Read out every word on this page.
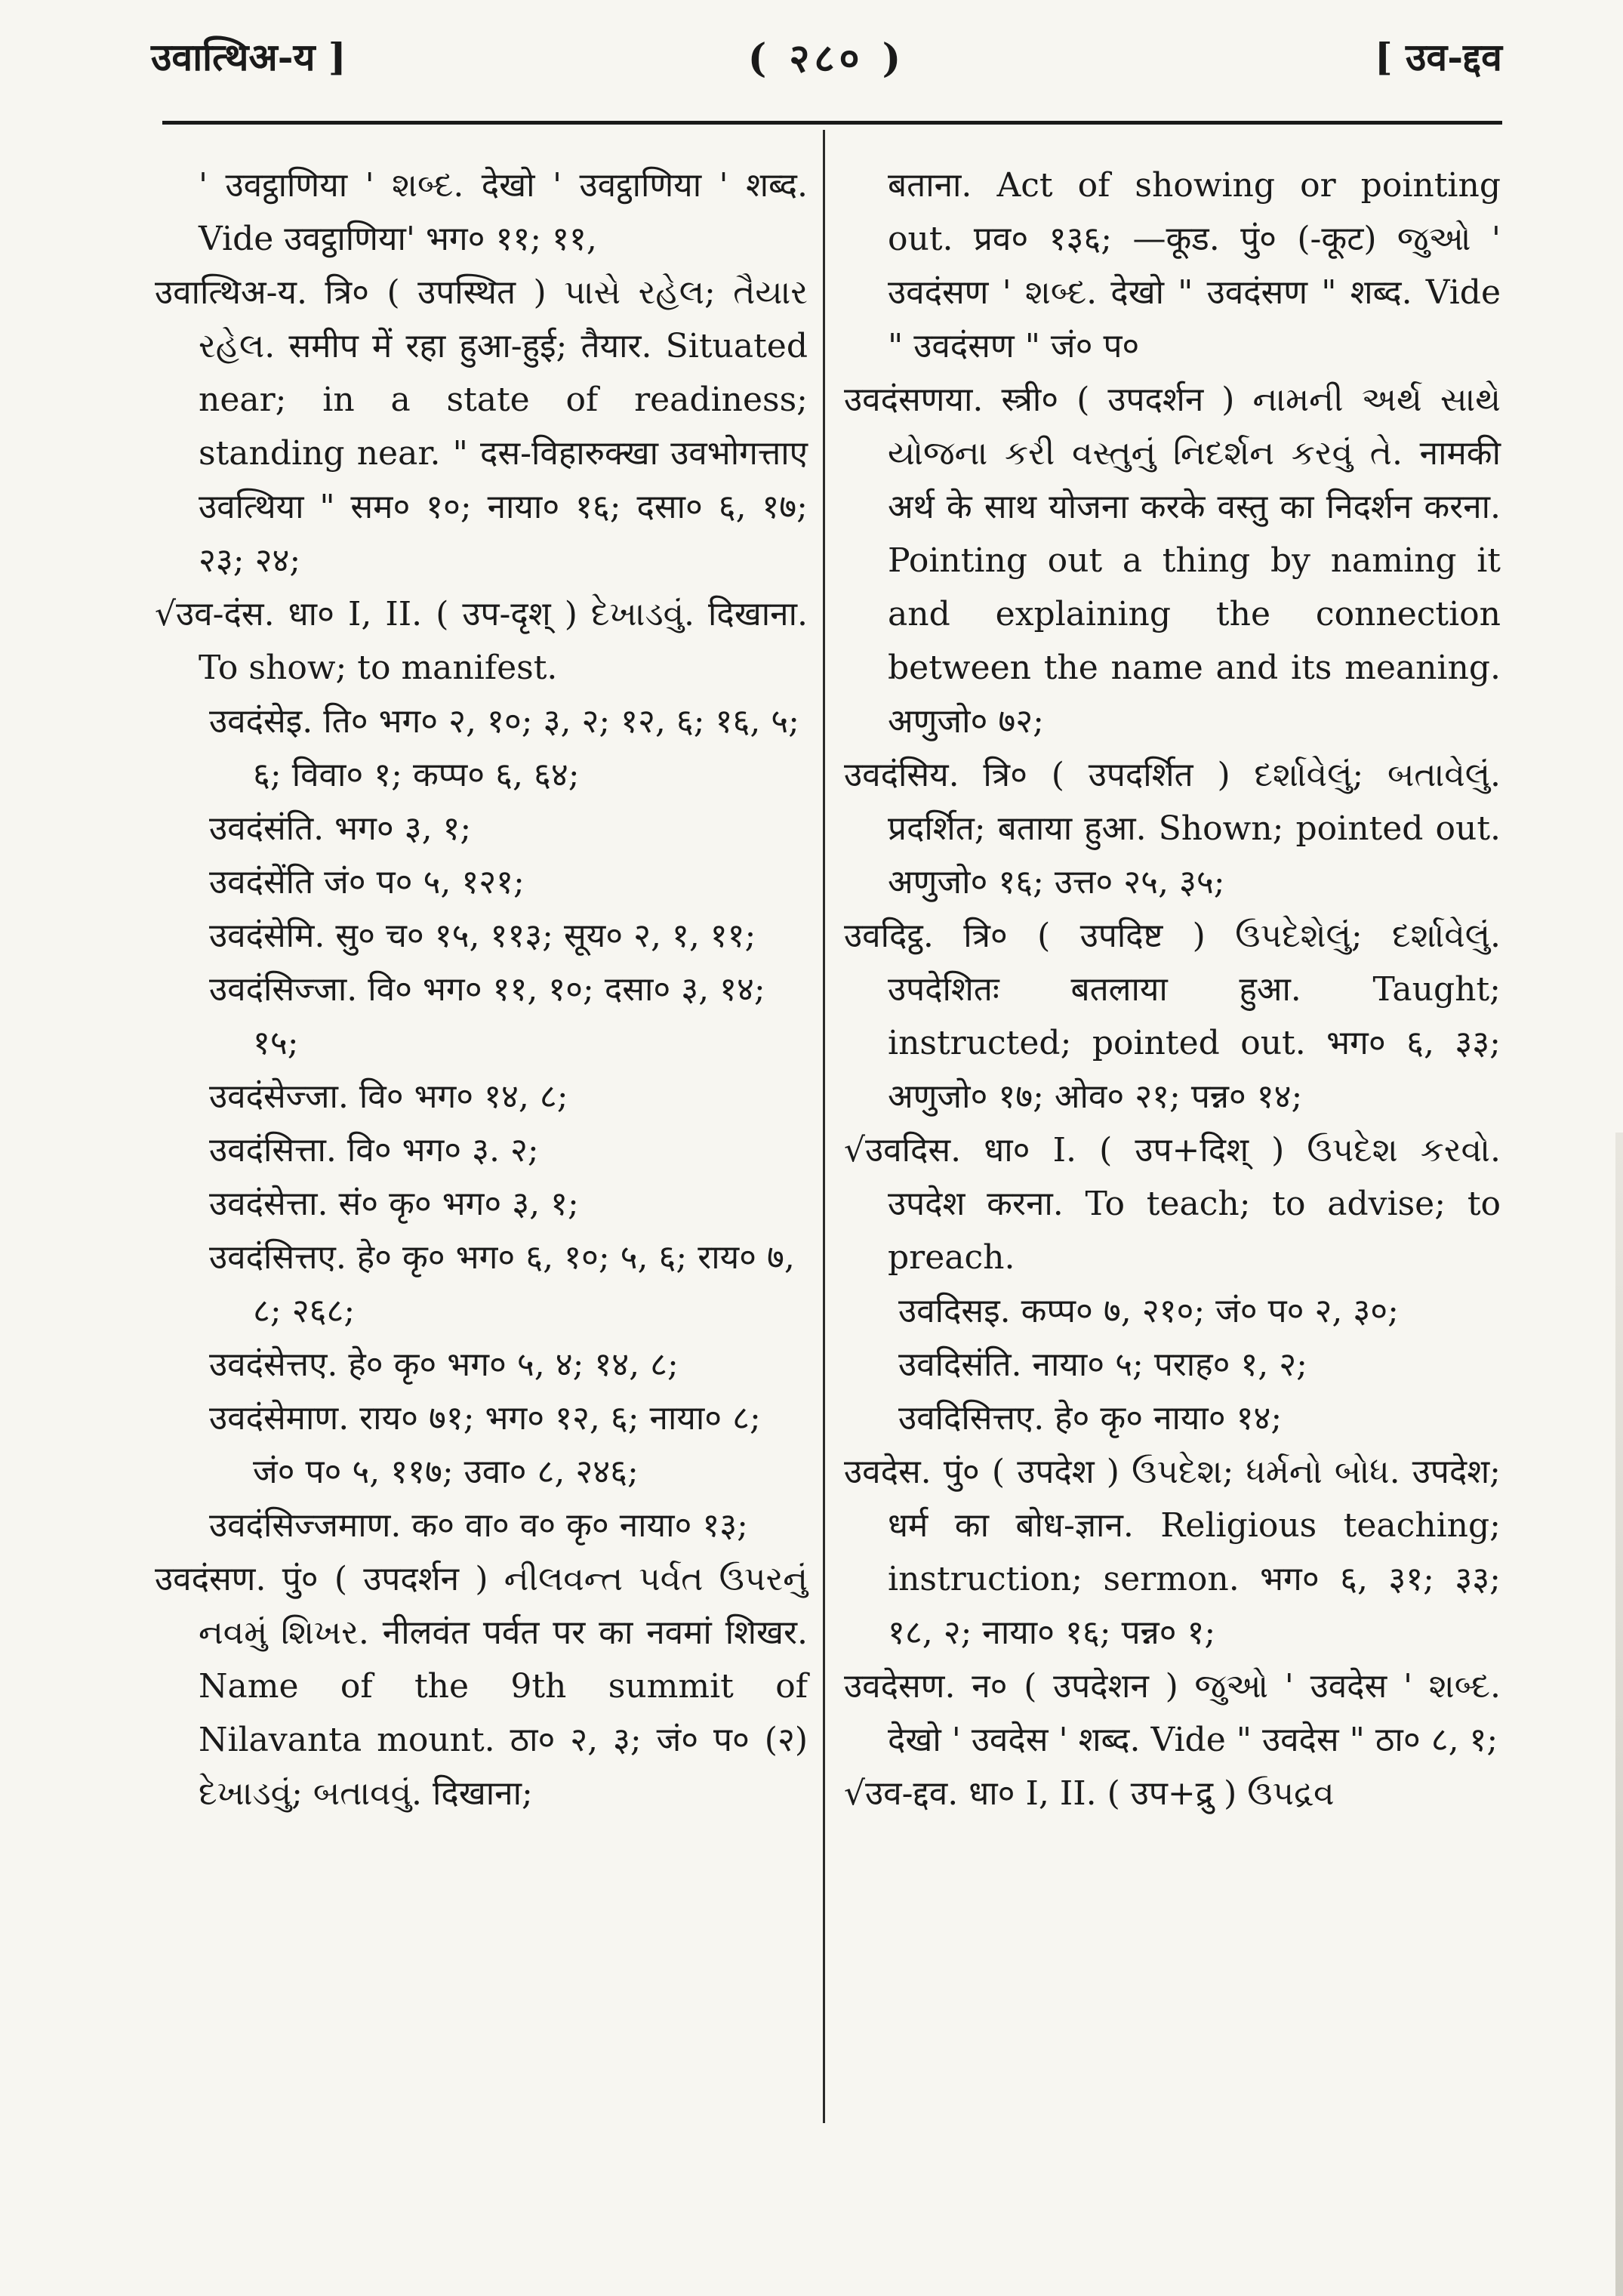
उवात्थिअ-य ]	( २८० )	[ उव-द्दव

' उवट्ठाणिया ' શબ્દ. देखो ' उवट्ठाणिया ' शब्द. Vide उवट्ठाणिया' भग० ११; ११,

उवात्थिअ-य. त्रि० ( उपस्थित ) પાસે રહેલ; તૈયાર રહેલ. समीप में रहा हुआ-हुई; तैयार. Situated near; in a state of readiness; standing near. " दस-विहारुक्खा उवभोगत्ताए उवत्थिया " सम० १०; नाया० १६; दसा० ६, १७; २३; २४;

√उव-दंस. धा० I, II. ( उप-दृश् ) દેખાડવું. दिखाना. To show; to manifest.

उवदंसेइ. ति० भग० २, १०; ३, २; १२, ६; १६, ५; ६; विवा० १; कप्प० ६, ६४;

उवदंसंति. भग० ३, १;

उवदंसेंति जं० प० ५, १२१;

उवदंसेमि. सु० च० १५, ११३; सूय० २, १, ११;

उवदंसिज्जा. वि० भग० ११, १०; दसा० ३, १४; १५;

उवदंसेज्जा. वि० भग० १४, ८;

उवदंसित्ता. वि० भग० ३. २;

उवदंसेत्ता. सं० कृ० भग० ३, १;

उवदंसित्तए. हे० कृ० भग० ६, १०; ५, ६; राय० ७, ८; २६८;

उवदंसेत्तए. हे० कृ० भग० ५, ४; १४, ८;

उवदंसेमाण. राय० ७१; भग० १२, ६; नाया० ८; जं० प० ५, ११७; उवा० ८, २४६;

उवदंसिज्जमाण. क० वा० व० कृ० नाया० १३;

उवदंसण. पुं० ( उपदर्शन ) નીલવન્ત પર્વત ઉપરનું નવમું શિખર. नीलवंत पर्वत पर का नवमां शिखर. Name of the 9th summit of Nilavanta mount. ठा० २, ३; जं० प० (२) દેખાડવું; બતાવવું. दिखाना;

बताना. Act of showing or pointing out. प्रव० १३६; —कूड. पुं० (-कूट) જુઓ ' उवदंसण ' શબ્દ. देखो " उवदंसण " शब्द. Vide " उवदंसण " जं० प०

उवदंसणया. स्त्री० ( उपदर्शन ) નામની અર્થ સાથે યોજના કરી વસ્તુનું નિદર્શન કરવું તે. नामकी अर्थ के साथ योजना करके वस्तु का निदर्शन करना. Pointing out a thing by naming it and explaining the connection between the name and its meaning. अणुजो० ७२;

उवदंसिय. त्रि० ( उपदर्शित ) દર્શાવેલું; બતાવેલું. प्रदर्शित; बताया हुआ. Shown; pointed out. अणुजो० १६; उत्त० २५, ३५;

उवदिट्ठ. त्रि० ( उपदिष्ट ) ઉપદેશેલું; દર્શાવેલું. उपदेशितः बतलाया हुआ. Taught; instructed; pointed out. भग० ६, ३३; अणुजो० १७; ओव० २१; पन्न० १४;

√उवदिस. धा० I. ( उप+दिश् ) ઉપદેશ કરવો. उपदेश करना. To teach; to advise; to preach.

उवदिसइ. कप्प० ७, २१०; जं० प० २, ३०;

उवदिसंति. नाया० ५; पराह० १, २;

उवदिसित्तए. हे० कृ० नाया० १४;

उवदेस. पुं० ( उपदेश ) ઉપદેશ; ધર્મનો બોધ. उपदेश; धर्म का बोध-ज्ञान. Religious teaching; instruction; sermon. भग० ६, ३१; ३३; १८, २; नाया० १६; पन्न० १;

उवदेसण. न० ( उपदेशन ) જુઓ ' उवदेस ' શબ્દ. देखो ' उवदेस ' शब्द. Vide " उवदेस " ठा० ८, १;

√उव-द्दव. धा० I, II. ( उप+द्रु ) ઉપદ્રવ
